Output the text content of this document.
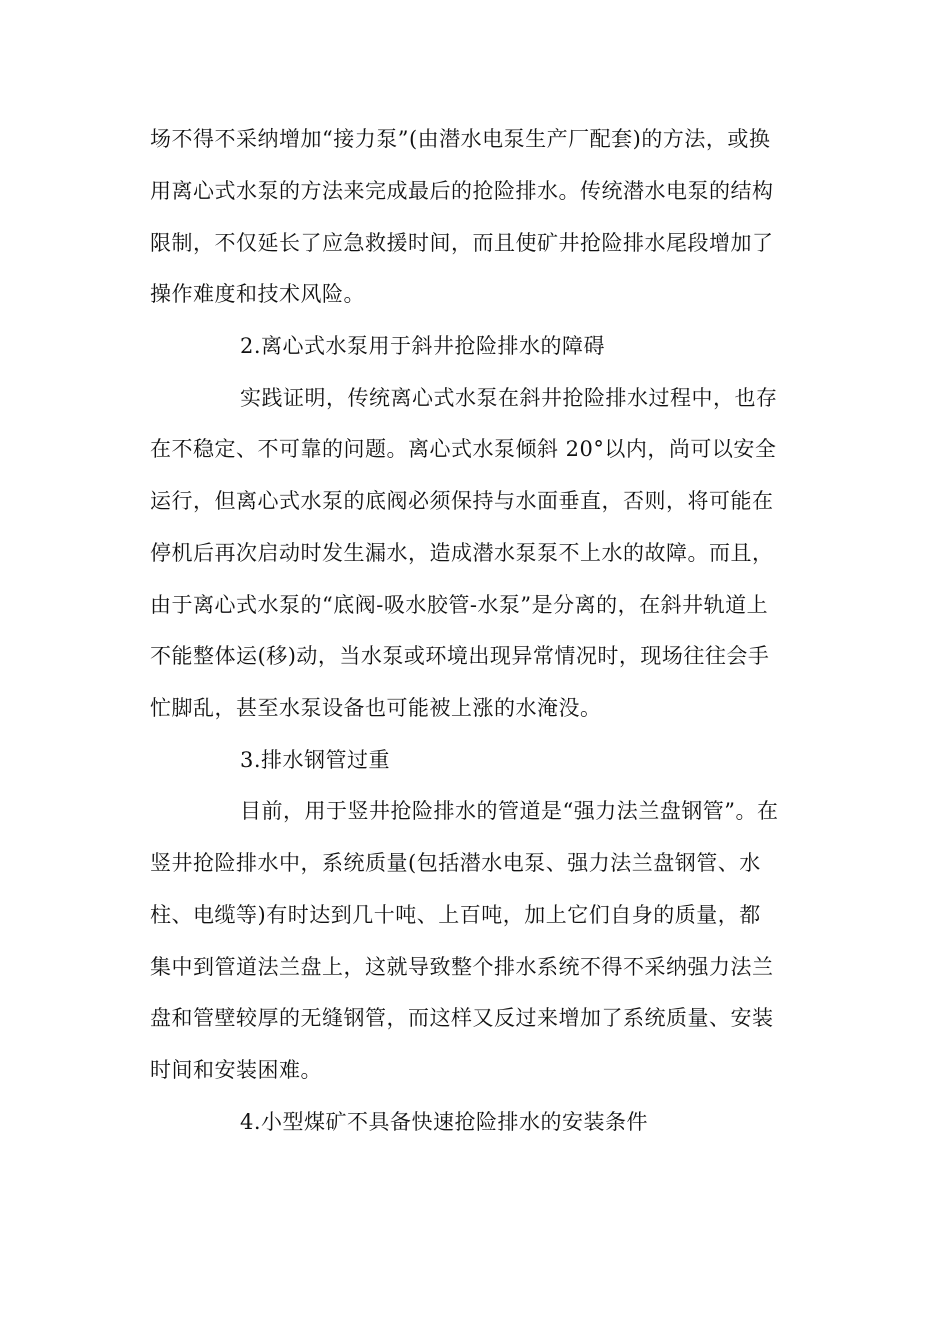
场不得不采纳增加“接力泵”(由潜水电泵生产厂配套)的方法，或换

用离心式水泵的方法来完成最后的抢险排水。传统潜水电泵的结构

限制，不仅延长了应急救援时间，而且使矿井抢险排水尾段增加了

操作难度和技术风险。

2.离心式水泵用于斜井抢险排水的障碍

实践证明，传统离心式水泵在斜井抢险排水过程中，也存

在不稳定、不可靠的问题。离心式水泵倾斜 20°以内，尚可以安全

运行，但离心式水泵的底阀必须保持与水面垂直，否则，将可能在

停机后再次启动时发生漏水，造成潜水泵泵不上水的故障。而且，

由于离心式水泵的“底阀-吸水胶管-水泵”是分离的，在斜井轨道上

不能整体运(移)动，当水泵或环境出现异常情况时，现场往往会手

忙脚乱，甚至水泵设备也可能被上涨的水淹没。

3.排水钢管过重

目前，用于竖井抢险排水的管道是“强力法兰盘钢管”。在

竖井抢险排水中，系统质量(包括潜水电泵、强力法兰盘钢管、水

柱、电缆等)有时达到几十吨、上百吨，加上它们自身的质量，都

集中到管道法兰盘上，这就导致整个排水系统不得不采纳强力法兰

盘和管壁较厚的无缝钢管，而这样又反过来增加了系统质量、安装

时间和安装困难。

4.小型煤矿不具备快速抢险排水的安装条件
